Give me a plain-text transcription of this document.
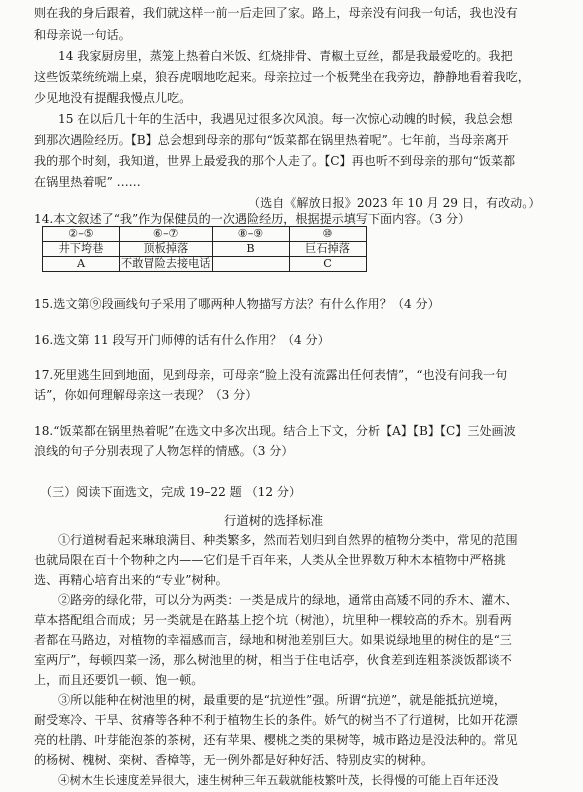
则在我的身后跟着，我们就这样一前一后走回了家。路上，母亲没有问我一句话，我也没有
和母亲说一句话。
14 我家厨房里，蒸笼上热着白米饭、红烧排骨、青椒土豆丝，都是我最爱吃的。我把
这些饭菜统统端上桌，狼吞虎咽地吃起来。母亲拉过一个板凳坐在我旁边，静静地看着我吃，
少见地没有提醒我慢点儿吃。
15 在以后几十年的生活中，我遇见过很多次风浪。每一次惊心动魄的时候，我总会想
到那次遇险经历。【B】总会想到母亲的那句“饭菜都在锅里热着呢”。七年前，当母亲离开
我的那个时刻，我知道，世界上最爱我的那个人走了。【C】再也听不到母亲的那句“饭菜都
在锅里热着呢” ……
（选自《解放日报》2023 年 10 月 29 日，有改动。）
14.本文叙述了“我”作为保健员的一次遇险经历，根据提示填写下面内容。（3 分）
②–⑤	⑥–⑦	⑧–⑨	⑩
井下垮巷	顶板掉落	B	巨石掉落
A	不敢冒险去接电话		C
15.选文第⑨段画线句子采用了哪两种人物描写方法？有什么作用？（4 分）
16.选文第 11 段写开门师傅的话有什么作用？（4 分）
17.死里逃生回到地面，见到母亲，可母亲“脸上没有流露出任何表情”，“也没有问我一句
话”，你如何理解母亲这一表现？（3 分）
18.“饭菜都在锅里热着呢”在选文中多次出现。结合上下文，分析【A】【B】【C】三处画波
浪线的句子分别表现了人物怎样的情感。（3 分）
（三）阅读下面选文，完成 19–22 题 （12 分）
行道树的选择标准
①行道树看起来琳琅满目、种类繁多，然而若划归到自然界的植物分类中，常见的范围
也就局限在百十个物种之内——它们是千百年来，人类从全世界数万种木本植物中严格挑
选、再精心培育出来的“专业”树种。
②路旁的绿化带，可以分为两类：一类是成片的绿地，通常由高矮不同的乔木、灌木、
草本搭配组合而成；另一类就是在路基上挖个坑（树池），坑里种一棵较高的乔木。别看两
者都在马路边，对植物的幸福感而言，绿地和树池差别巨大。如果说绿地里的树住的是“三
室两厅”，每顿四菜一汤，那么树池里的树，相当于住电话亭，伙食差到连粗茶淡饭都谈不
上，而且还要饥一顿、饱一顿。
③所以能种在树池里的树，最重要的是“抗逆性”强。所谓“抗逆”，就是能抵抗逆境，
耐受寒冷、干旱、贫瘠等各种不利于植物生长的条件。娇气的树当不了行道树，比如开花漂
亮的杜鹃、叶芽能泡茶的茶树，还有苹果、樱桃之类的果树等，城市路边是没法种的。常见
的杨树、槐树、栾树、香樟等，无一例外都是好种好活、特别皮实的树种。
④树木生长速度差异很大，速生树种三年五载就能枝繁叶茂，长得慢的可能上百年还没
